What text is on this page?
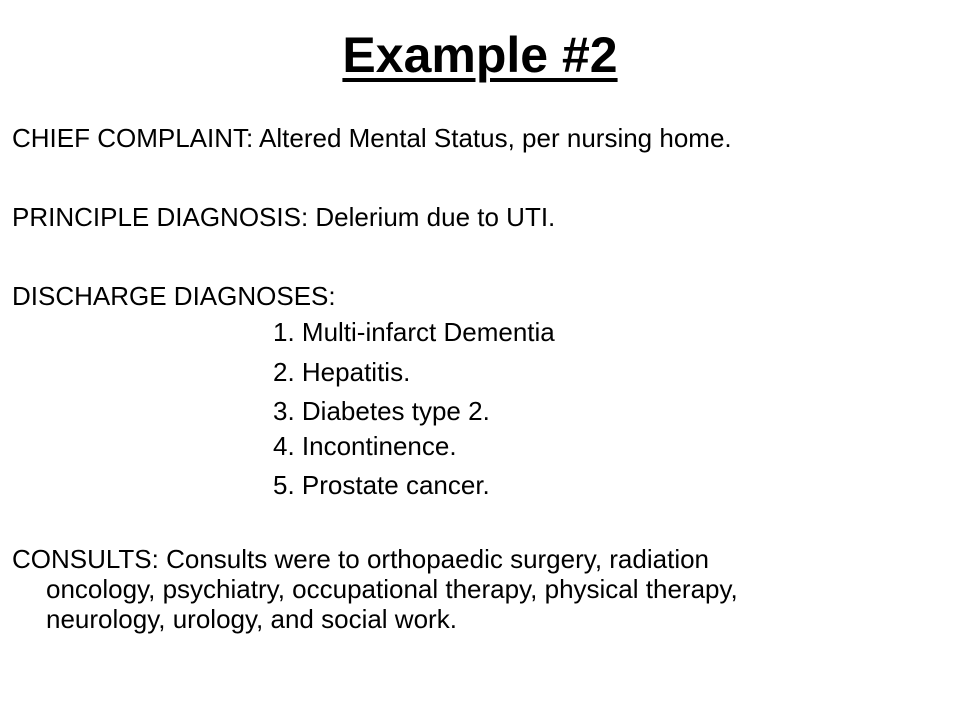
Example #2
CHIEF COMPLAINT: Altered Mental Status, per nursing home.
PRINCIPLE DIAGNOSIS: Delerium due to UTI.
DISCHARGE DIAGNOSES:
1. Multi-infarct Dementia
2. Hepatitis.
3. Diabetes type 2.
4. Incontinence.
5. Prostate cancer.
CONSULTS: Consults were to orthopaedic surgery, radiation
oncology, psychiatry, occupational therapy, physical therapy,
neurology, urology, and social work.
